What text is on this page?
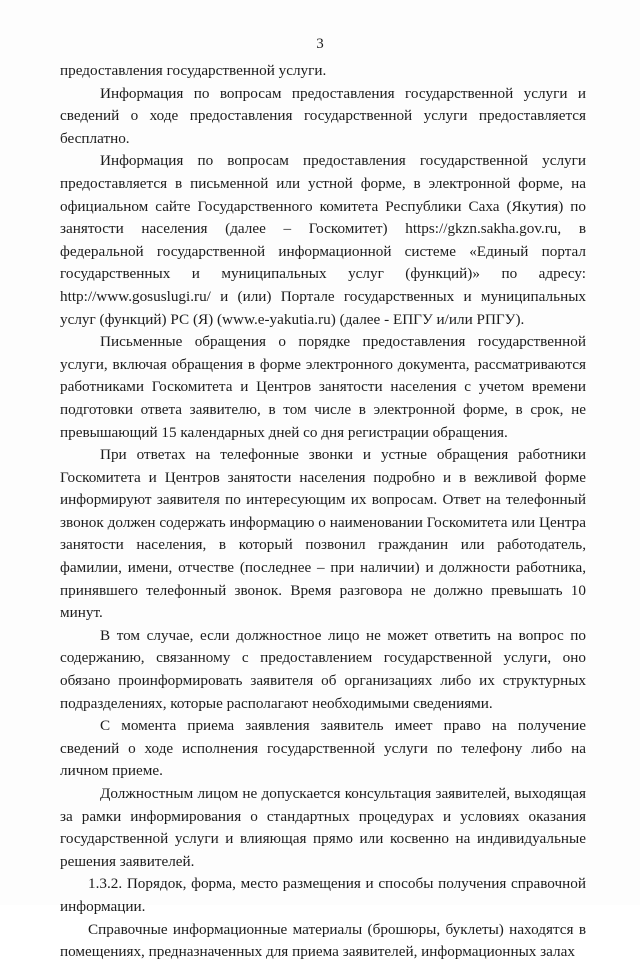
3

предоставления государственной услуги.

Информация по вопросам предоставления государственной услуги и сведений о ходе предоставления государственной услуги предоставляется бесплатно.

Информация по вопросам предоставления государственной услуги предоставляется в письменной или устной форме, в электронной форме, на официальном сайте Государственного комитета Республики Саха (Якутия) по занятости населения (далее – Госкомитет) https://gkzn.sakha.gov.ru, в федеральной государственной информационной системе «Единый портал государственных и муниципальных услуг (функций)» по адресу: http://www.gosuslugi.ru/ и (или) Портале государственных и муниципальных услуг (функций) РС (Я) (www.e-yakutia.ru) (далее - ЕПГУ и/или РПГУ).

Письменные обращения о порядке предоставления государственной услуги, включая обращения в форме электронного документа, рассматриваются работниками Госкомитета и Центров занятости населения с учетом времени подготовки ответа заявителю, в том числе в электронной форме, в срок, не превышающий 15 календарных дней со дня регистрации обращения.

При ответах на телефонные звонки и устные обращения работники Госкомитета и Центров занятости населения подробно и в вежливой форме информируют заявителя по интересующим их вопросам. Ответ на телефонный звонок должен содержать информацию о наименовании Госкомитета или Центра занятости населения, в который позвонил гражданин или работодатель, фамилии, имени, отчестве (последнее – при наличии) и должности работника, принявшего телефонный звонок. Время разговора не должно превышать 10 минут.

В том случае, если должностное лицо не может ответить на вопрос по содержанию, связанному с предоставлением государственной услуги, оно обязано проинформировать заявителя об организациях либо их структурных подразделениях, которые располагают необходимыми сведениями.

С момента приема заявления заявитель имеет право на получение сведений о ходе исполнения государственной услуги по телефону либо на личном приеме.

Должностным лицом не допускается консультация заявителей, выходящая за рамки информирования о стандартных процедурах и условиях оказания государственной услуги и влияющая прямо или косвенно на индивидуальные решения заявителей.

1.3.2. Порядок, форма, место размещения и способы получения справочной информации.

Справочные информационные материалы (брошюры, буклеты) находятся в помещениях, предназначенных для приема заявителей, информационных залах
